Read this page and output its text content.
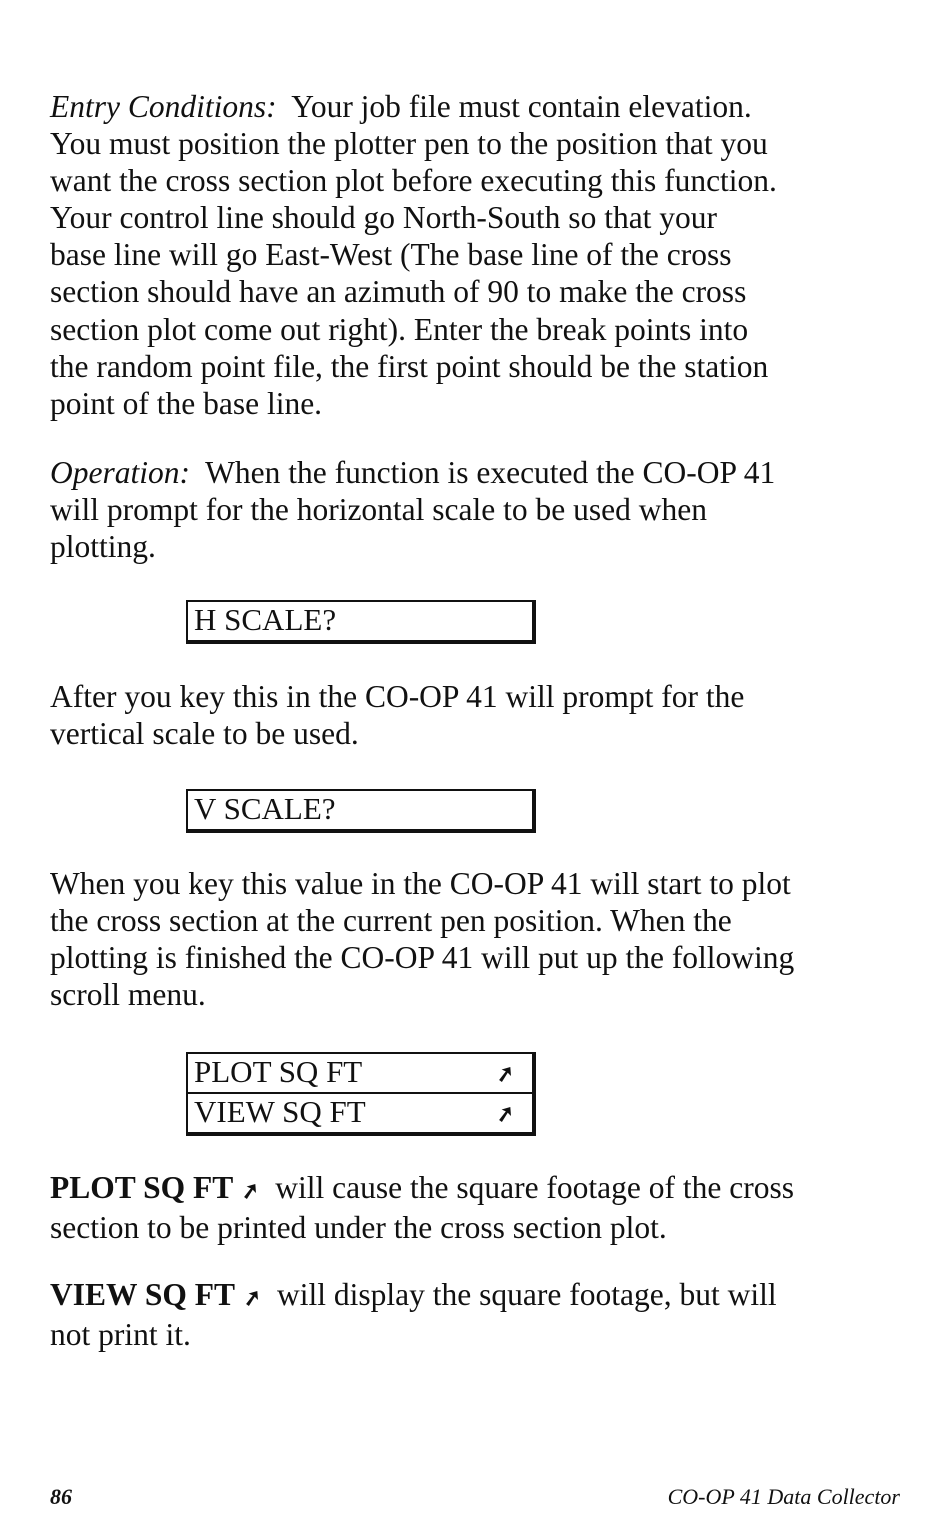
Entry Conditions: Your job file must contain elevation.
You must position the plotter pen to the position that you
want the cross section plot before executing this function.
Your control line should go North-South so that your
base line will go East-West (The base line of the cross
section should have an azimuth of 90 to make the cross
section plot come out right). Enter the break points into
the random point file, the first point should be the station
point of the base line.
Operation: When the function is executed the CO-OP 41
will prompt for the horizontal scale to be used when
plotting.
H SCALE?
After you key this in the CO-OP 41 will prompt for the
vertical scale to be used.
V SCALE?
When you key this value in the CO-OP 41 will start to plot
the cross section at the current pen position. When the
plotting is finished the CO-OP 41 will put up the following
scroll menu.
PLOT SQ FT	➚
VIEW SQ FT	➚
PLOT SQ FT ➚ will cause the square footage of the cross
section to be printed under the cross section plot.
VIEW SQ FT ➚ will display the square footage, but will
not print it.
86	CO-OP 41 Data Collector
